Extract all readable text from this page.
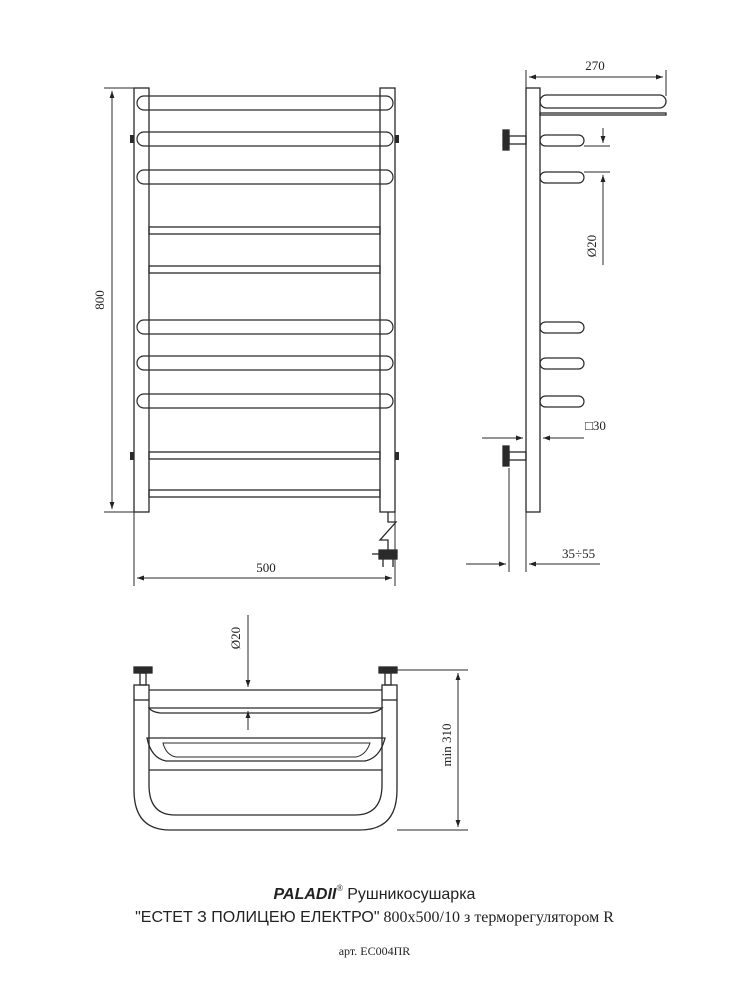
800
500
270
Ø20
□30
35÷55
Ø20
min 310
PALADII® Рушникосушарка
"ЕСТЕТ З ПОЛИЦЕЮ ЕЛЕКТРО" 800х500/10 з терморегулятором R
арт. ЕС004ПR
